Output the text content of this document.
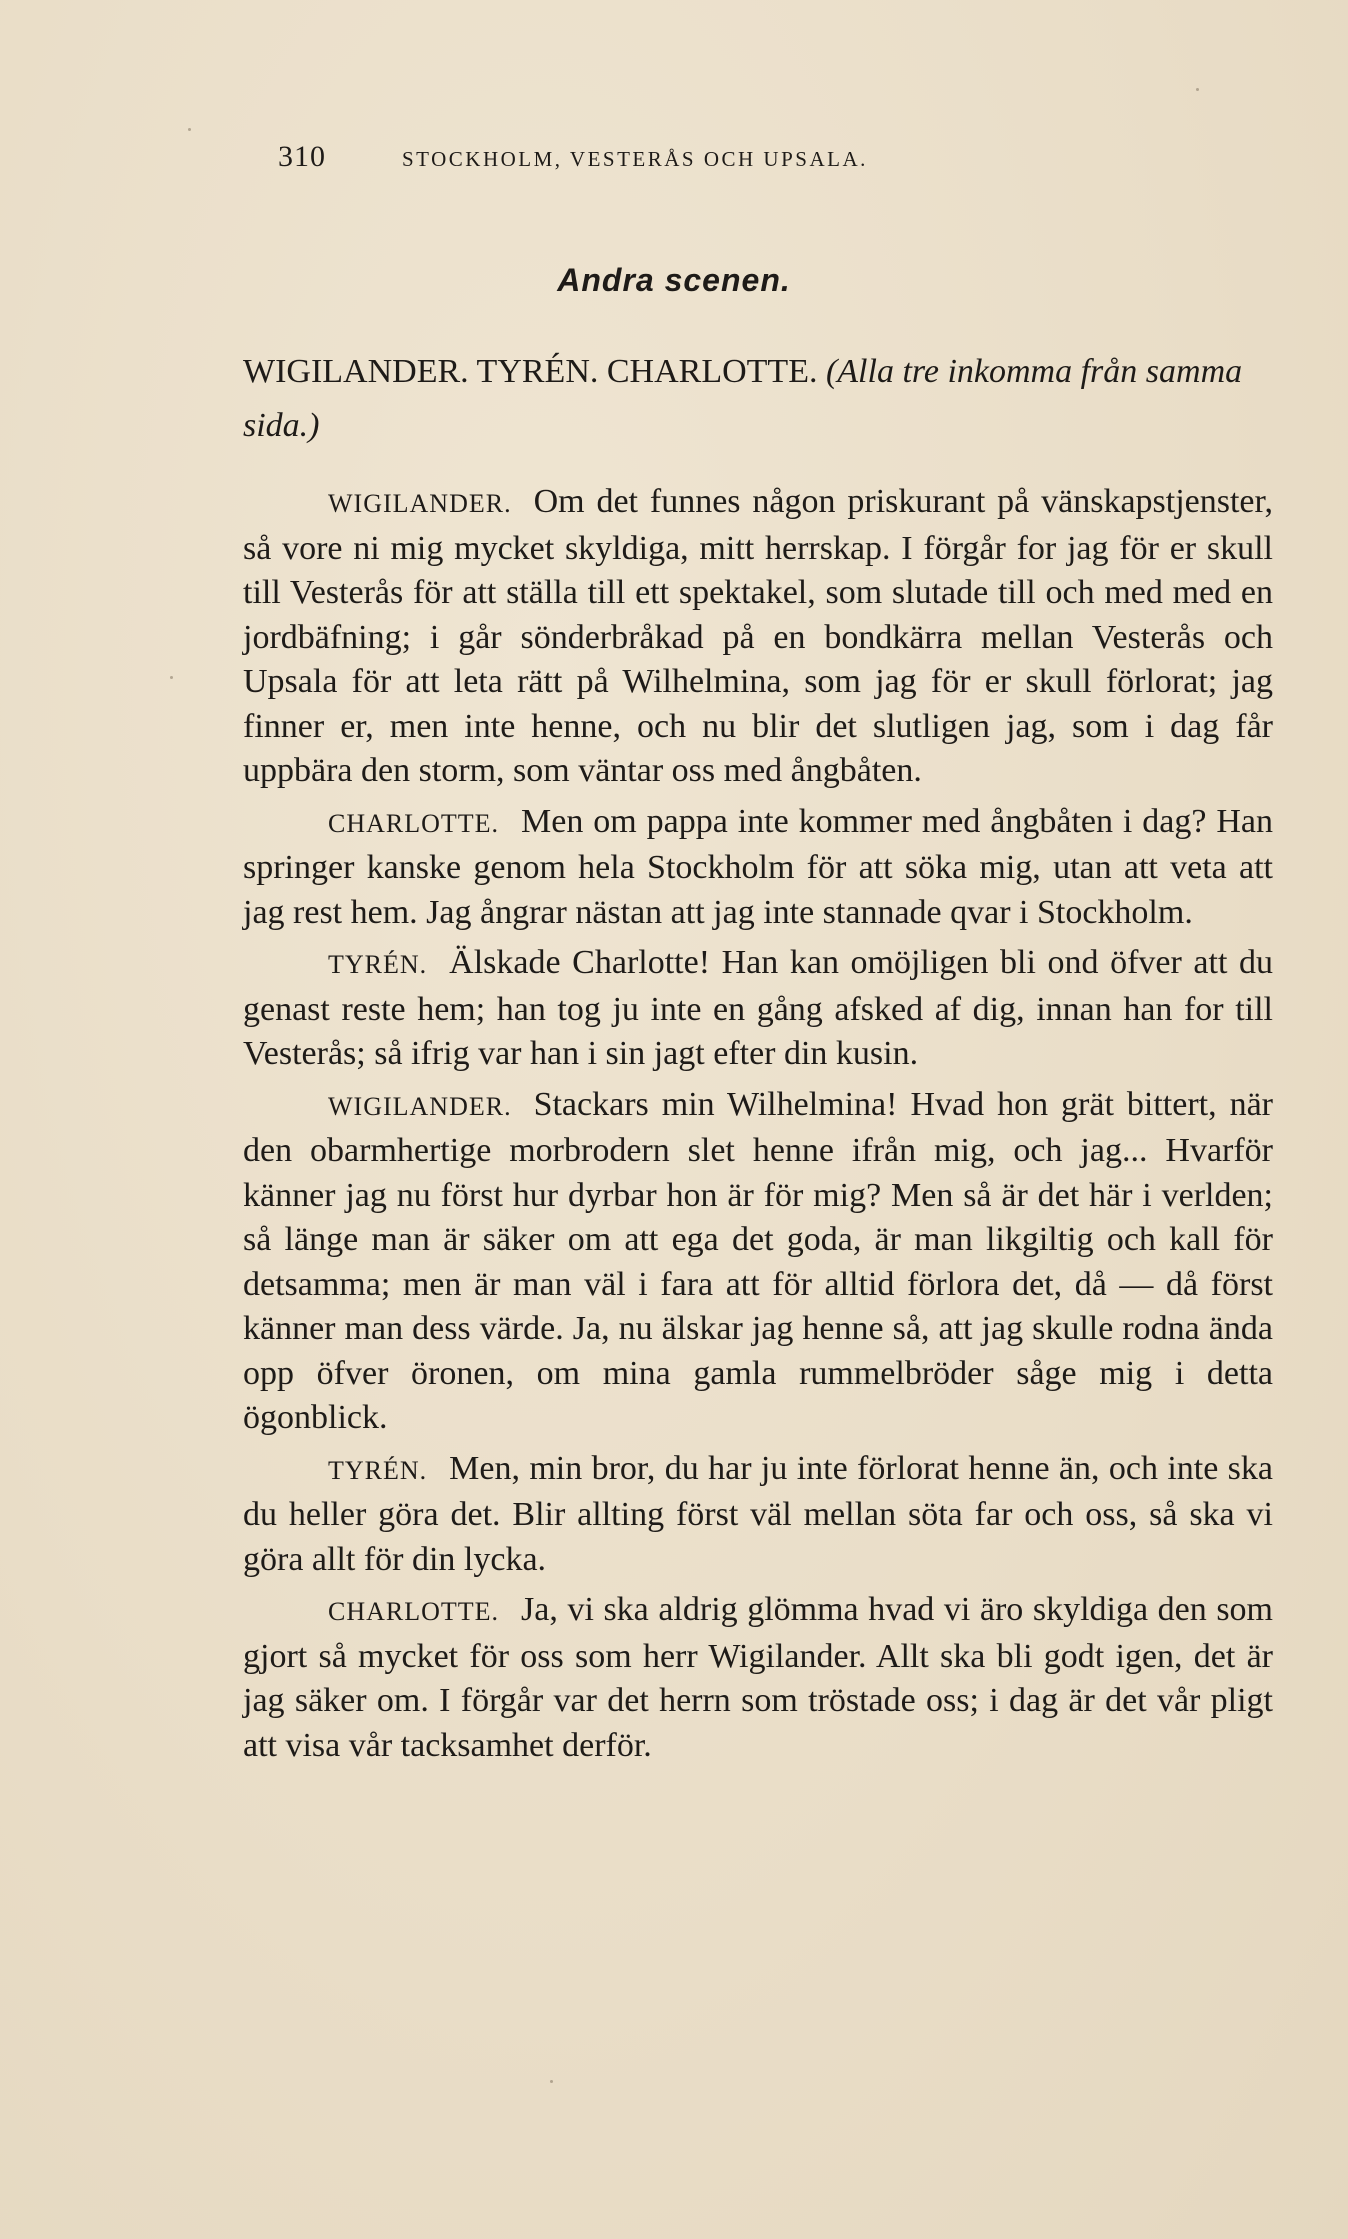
310	STOCKHOLM, VESTERÅS OCH UPSALA.
Andra scenen.
WIGILANDER. TYRÉN. CHARLOTTE. (Alla tre inkomma från samma sida.)

WIGILANDER. Om det funnes någon priskurant på vänskapstjenster, så vore ni mig mycket skyldiga, mitt herrskap. I förgår for jag för er skull till Vesterås för att ställa till ett spektakel, som slutade till och med med en jordbäfning; i går sönderbråkad på en bondkärra mellan Vesterås och Upsala för att leta rätt på Wilhelmina, som jag för er skull förlorat; jag finner er, men inte henne, och nu blir det slutligen jag, som i dag får uppbära den storm, som väntar oss med ångbåten.

CHARLOTTE. Men om pappa inte kommer med ångbåten i dag? Han springer kanske genom hela Stockholm för att söka mig, utan att veta att jag rest hem. Jag ångrar nästan att jag inte stannade qvar i Stockholm.

TYRÉN. Älskade Charlotte! Han kan omöjligen bli ond öfver att du genast reste hem; han tog ju inte en gång afsked af dig, innan han for till Vesterås; så ifrig var han i sin jagt efter din kusin.

WIGILANDER. Stackars min Wilhelmina! Hvad hon grät bittert, när den obarmhertige morbrodern slet henne ifrån mig, och jag... Hvarför känner jag nu först hur dyrbar hon är för mig? Men så är det här i verlden; så länge man är säker om att ega det goda, är man likgiltig och kall för detsamma; men är man väl i fara att för alltid förlora det, då — då först känner man dess värde. Ja, nu älskar jag henne så, att jag skulle rodna ända opp öfver öronen, om mina gamla rummelbröder såge mig i detta ögonblick.

TYRÉN. Men, min bror, du har ju inte förlorat henne än, och inte ska du heller göra det. Blir allting först väl mellan söta far och oss, så ska vi göra allt för din lycka.

CHARLOTTE. Ja, vi ska aldrig glömma hvad vi äro skyldiga den som gjort så mycket för oss som herr Wigilander. Allt ska bli godt igen, det är jag säker om. I förgår var det herrn som tröstade oss; i dag är det vår pligt att visa vår tacksamhet derför.
